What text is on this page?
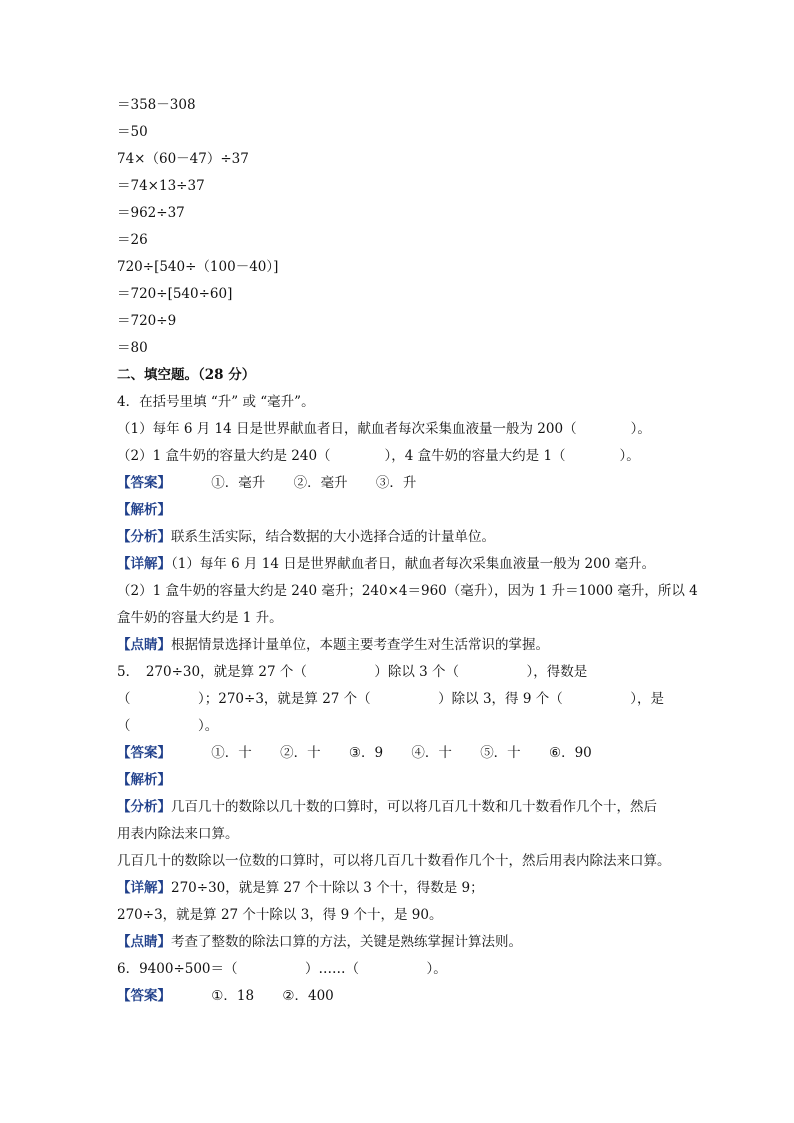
＝358－308
＝50
74×（60－47）÷37
＝74×13÷37
＝962÷37
＝26
720÷[540÷（100－40）]
＝720÷[540÷60]
＝720÷9
＝80
二、填空题。（28 分）
4．在括号里填 “升” 或 “毫升”。
（1）每年 6 月 14 日是世界献血者日，献血者每次采集血液量一般为 200（　　　　）。
（2）1 盒牛奶的容量大约是 240（　　　　），4 盒牛奶的容量大约是 1（　　　　）。
【答案】	①．毫升 ②．毫升 ③．升
【解析】
【分析】联系生活实际，结合数据的大小选择合适的计量单位。
【详解】（1）每年 6 月 14 日是世界献血者日，献血者每次采集血液量一般为 200 毫升。
（2）1 盒牛奶的容量大约是 240 毫升；240×4＝960（毫升），因为 1 升＝1000 毫升，所以 4
盒牛奶的容量大约是 1 升。
【点睛】根据情景选择计量单位，本题主要考查学生对生活常识的掌握。
5．　270÷30，就是算 27 个（　　　　　）除以 3 个（　　　　　），得数是
（　　　　　）；270÷3，就是算 27 个（　　　　　）除以 3，得 9 个（　　　　　），是
（　　　　　）。
【答案】	①．十 ②．十 ③．9 ④．十 ⑤．十 ⑥．90
【解析】
【分析】几百几十的数除以几十数的口算时，可以将几百几十数和几十数看作几个十，然后
用表内除法来口算。
几百几十的数除以一位数的口算时，可以将几百几十数看作几个十，然后用表内除法来口算。
【详解】270÷30，就是算 27 个十除以 3 个十，得数是 9；
270÷3，就是算 27 个十除以 3，得 9 个十，是 90。
【点睛】考查了整数的除法口算的方法，关键是熟练掌握计算法则。
6．9400÷500＝（　　　　　）……（　　　　　）。
【答案】	①．18 ②．400
